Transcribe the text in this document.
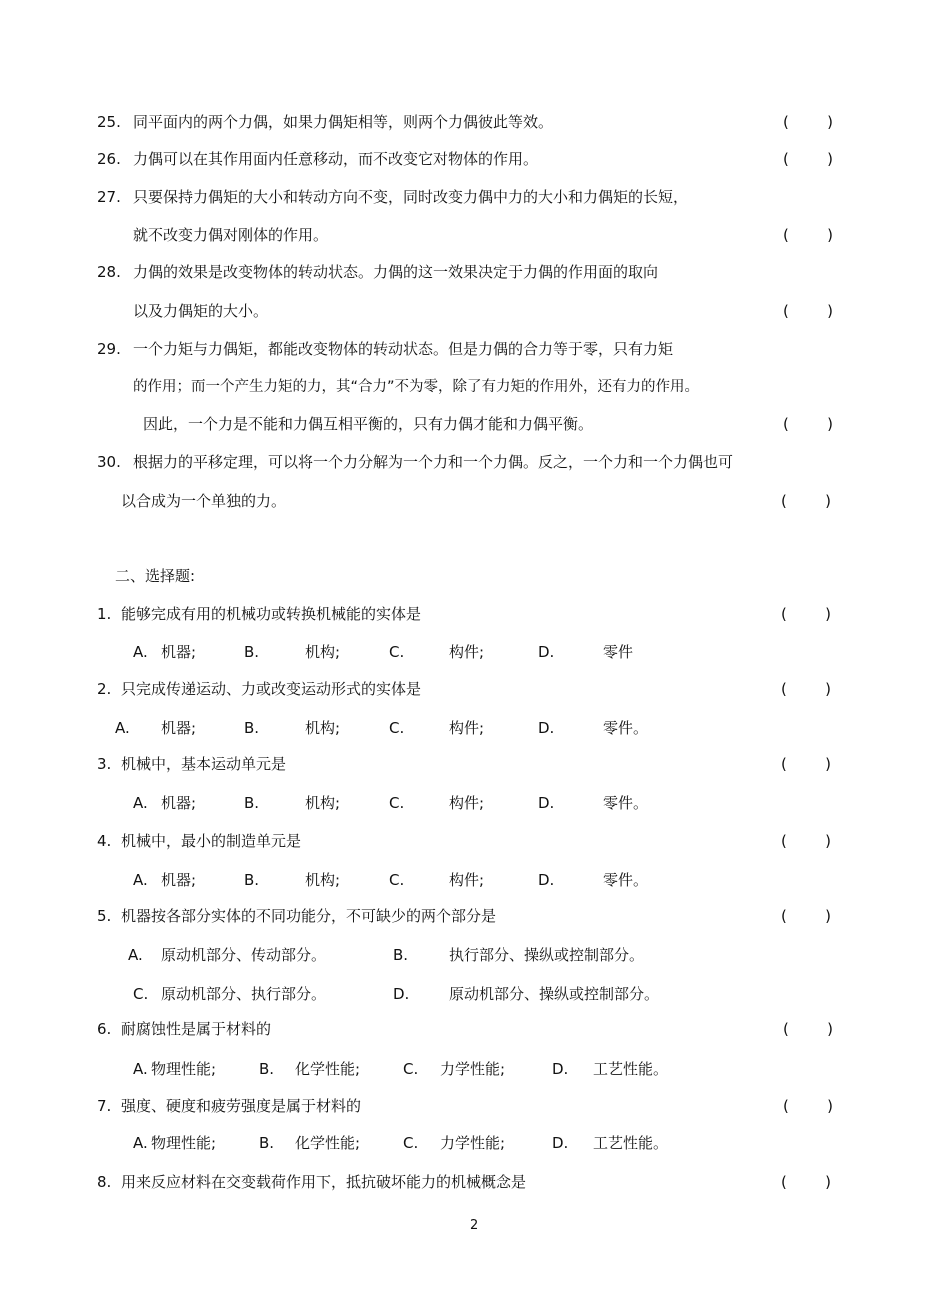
25. 同平面内的两个力偶，如果力偶矩相等，则两个力偶彼此等效。	(	)
26. 力偶可以在其作用面内任意移动，而不改变它对物体的作用。	(	)
27. 只要保持力偶矩的大小和转动方向不变，同时改变力偶中力的大小和力偶矩的长短，
就不改变力偶对刚体的作用。	(	)
28. 力偶的效果是改变物体的转动状态。力偶的这一效果决定于力偶的作用面的取向
以及力偶矩的大小。	(	)
29. 一个力矩与力偶矩，都能改变物体的转动状态。但是力偶的合力等于零，只有力矩
的作用；而一个产生力矩的力，其“合力”不为零，除了有力矩的作用外，还有力的作用。
因此，一个力是不能和力偶互相平衡的，只有力偶才能和力偶平衡。	(	)
30. 根据力的平移定理，可以将一个力分解为一个力和一个力偶。反之，一个力和一个力偶也可
以合成为一个单独的力。	(	)
二、选择题:
1. 能够完成有用的机械功或转换机械能的实体是	(	)
A. 机器;	B.	机构;	C.	构件;	D.	零件
2. 只完成传递运动、力或改变运动形式的实体是	(	)
A. 机器;	B.	机构;	C.	构件;	D.	零件。
3. 机械中，基本运动单元是	(	)
A. 机器;	B.	机构;	C.	构件;	D.	零件。
4. 机械中，最小的制造单元是	(	)
A. 机器;	B.	机构;	C.	构件;	D.	零件。
5. 机器按各部分实体的不同功能分，不可缺少的两个部分是	(	)
A. 原动机部分、传动部分。	B.	执行部分、操纵或控制部分。
C. 原动机部分、执行部分。	D.	原动机部分、操纵或控制部分。
6. 耐腐蚀性是属于材料的	(	)
A. 物理性能;	B. 化学性能;	C. 力学性能;	D. 工艺性能。
7. 强度、硬度和疲劳强度是属于材料的	(	)
A. 物理性能;	B. 化学性能;	C. 力学性能;	D. 工艺性能。
8. 用来反应材料在交变载荷作用下，抵抗破坏能力的机械概念是	(	)
2
